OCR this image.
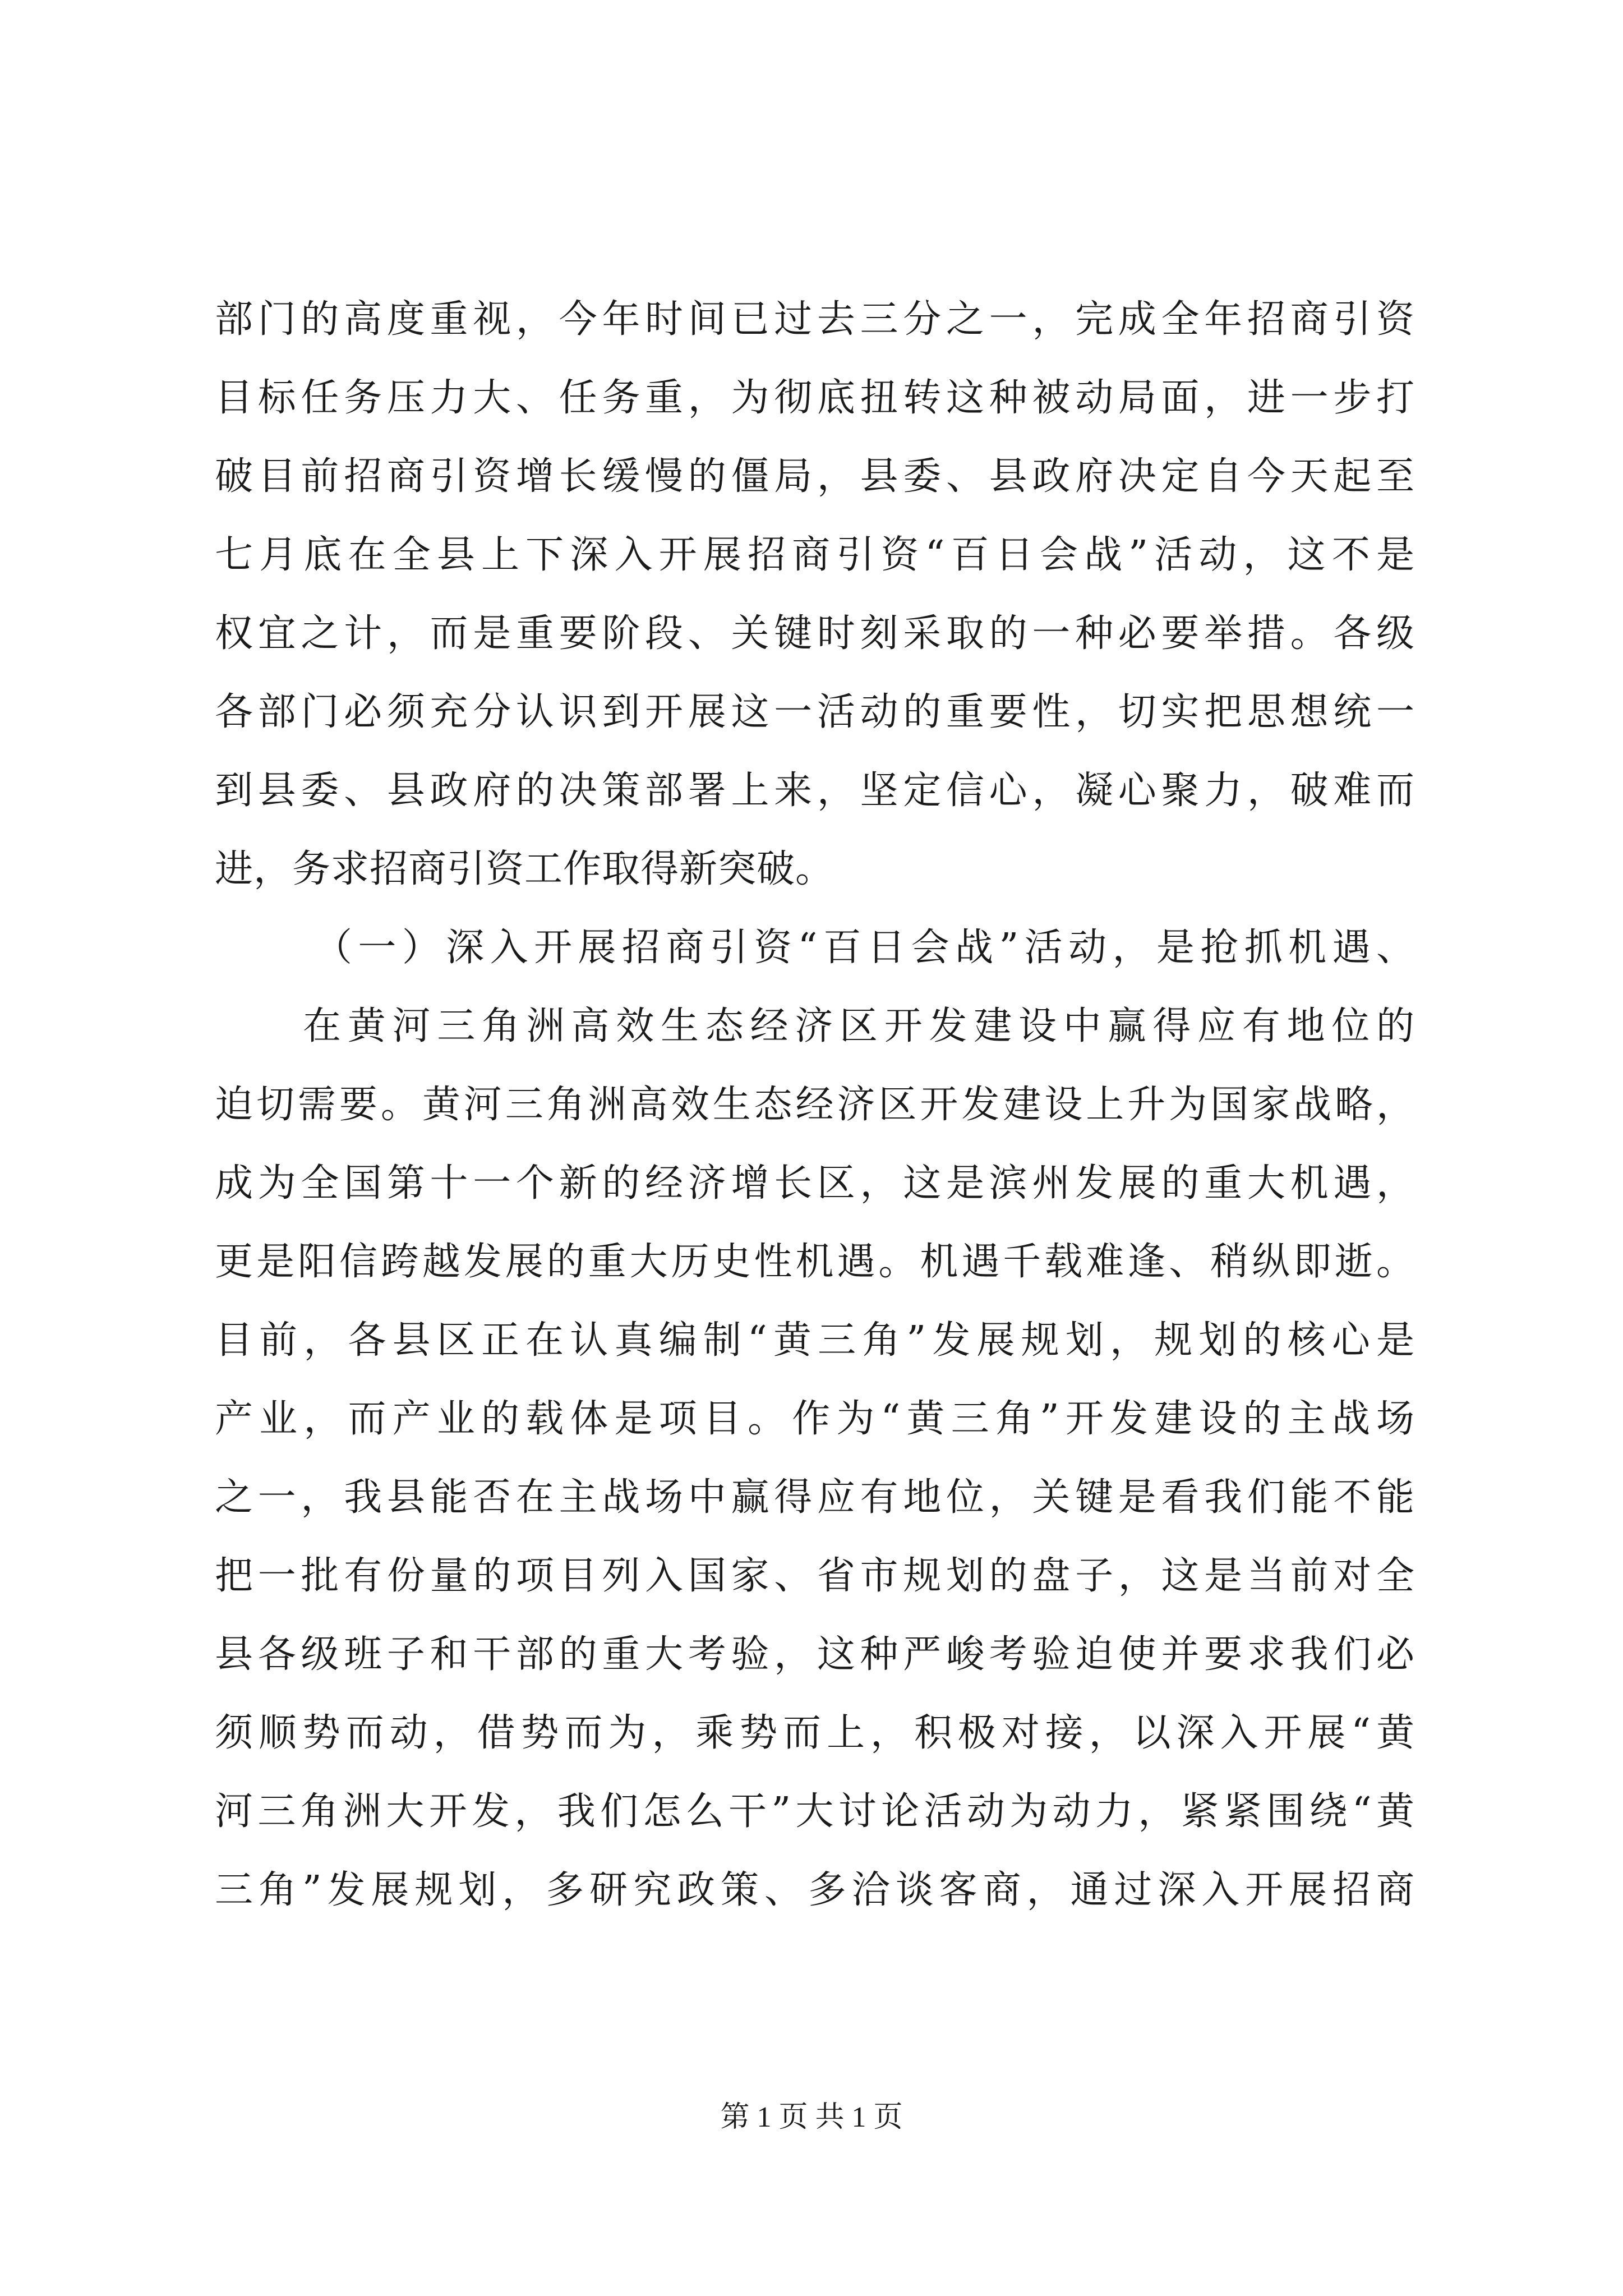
部门的高度重视，今年时间已过去三分之一，完成全年招商引资
目标任务压力大、任务重，为彻底扭转这种被动局面，进一步打
破目前招商引资增长缓慢的僵局，县委、县政府决定自今天起至
七月底在全县上下深入开展招商引资“百日会战”活动，这不是
权宜之计，而是重要阶段、关键时刻采取的一种必要举措。各级
各部门必须充分认识到开展这一活动的重要性，切实把思想统一
到县委、县政府的决策部署上来，坚定信心，凝心聚力，破难而
进，务求招商引资工作取得新突破。
（一）深入开展招商引资“百日会战”活动，是抢抓机遇、
在黄河三角洲高效生态经济区开发建设中赢得应有地位的
迫切需要。黄河三角洲高效生态经济区开发建设上升为国家战略，
成为全国第十一个新的经济增长区，这是滨州发展的重大机遇，
更是阳信跨越发展的重大历史性机遇。机遇千载难逢、稍纵即逝。
目前，各县区正在认真编制“黄三角”发展规划，规划的核心是
产业，而产业的载体是项目。作为“黄三角”开发建设的主战场
之一，我县能否在主战场中赢得应有地位，关键是看我们能不能
把一批有份量的项目列入国家、省市规划的盘子，这是当前对全
县各级班子和干部的重大考验，这种严峻考验迫使并要求我们必
须顺势而动，借势而为，乘势而上，积极对接，以深入开展“黄
河三角洲大开发，我们怎么干”大讨论活动为动力，紧紧围绕“黄
三角”发展规划，多研究政策、多洽谈客商，通过深入开展招商
第 1 页 共 1 页
